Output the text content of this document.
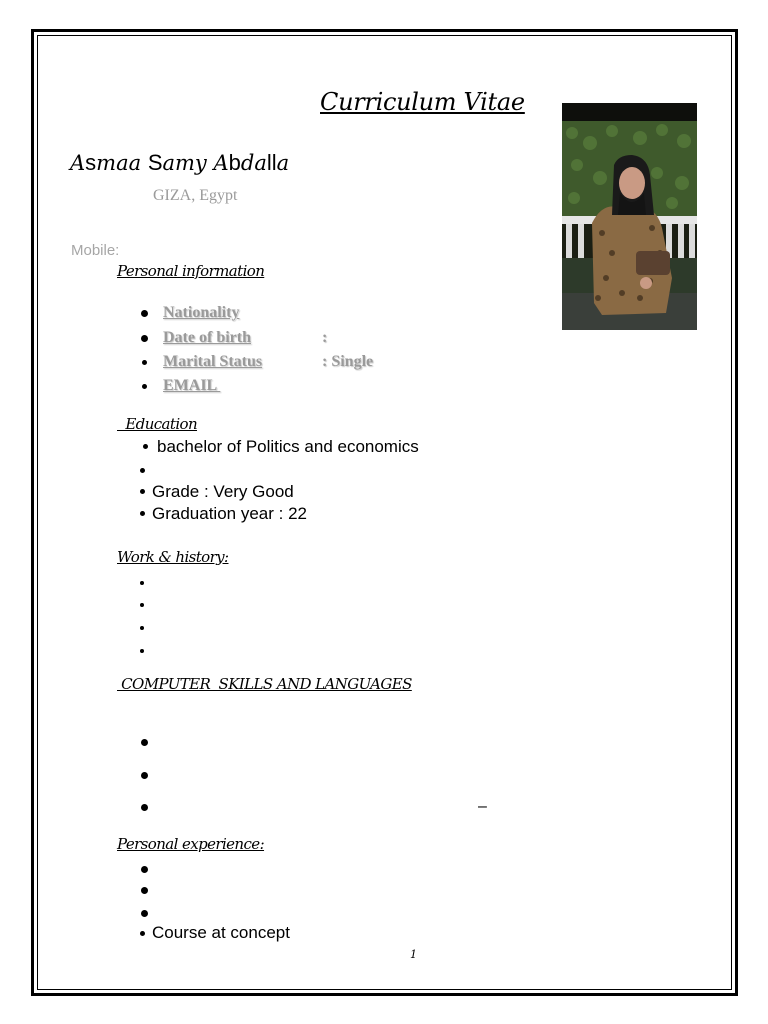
Curriculum Vitae
Asmaa Samy Abdalla
GIZA, Egypt
Mobile:
Personal information
Nationality
Date of birth	:
Marital Status	: Single
EMAIL
Education
bachelor of Politics and economics
Grade : Very Good
Graduation year : 22
Work & history:
COMPUTER  SKILLS AND LANGUAGES
–
Personal experience:
Course at concept
1
